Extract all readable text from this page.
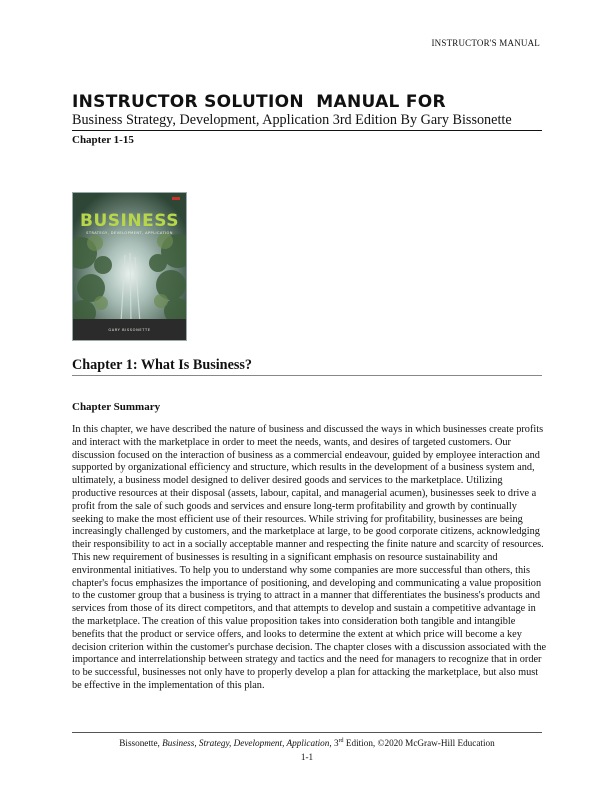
INSTRUCTOR'S MANUAL
INSTRUCTOR SOLUTION  MANUAL FOR
Business Strategy, Development, Application 3rd Edition By Gary Bissonette
Chapter 1-15
BUSINESS
STRATEGY, DEVELOPMENT, APPLICATION
GARY BISSONETTE
Chapter 1: What Is Business?
Chapter Summary

In this chapter, we have described the nature of business and discussed the ways in which businesses create profits and interact with the marketplace in order to meet the needs, wants, and desires of targeted customers. Our discussion focused on the interaction of business as a commercial endeavour, guided by employee interaction and supported by organizational efficiency and structure, which results in the development of a business system and, ultimately, a business model designed to deliver desired goods and services to the marketplace. Utilizing productive resources at their disposal (assets, labour, capital, and managerial acumen), businesses seek to drive a profit from the sale of such goods and services and ensure long-term profitability and growth by continually seeking to make the most efficient use of their resources. While striving for profitability, businesses are being increasingly challenged by customers, and the marketplace at large, to be good corporate citizens, acknowledging their responsibility to act in a socially acceptable manner and respecting the finite nature and scarcity of resources. This new requirement of businesses is resulting in a significant emphasis on resource sustainability and environmental initiatives. To help you to understand why some companies are more successful than others, this chapter's focus emphasizes the importance of positioning, and developing and communicating a value proposition to the customer group that a business is trying to attract in a manner that differentiates the business's products and services from those of its direct competitors, and that attempts to develop and sustain a competitive advantage in the marketplace. The creation of this value proposition takes into consideration both tangible and intangible benefits that the product or service offers, and looks to determine the extent at which price will become a key decision criterion within the customer's purchase decision. The chapter closes with a discussion associated with the importance and interrelationship between strategy and tactics and the need for managers to recognize that in order to be successful, businesses not only have to properly develop a plan for attacking the marketplace, but also must be effective in the implementation of this plan.

Bissonette, Business, Strategy, Development, Application, 3rd Edition, ©2020 McGraw-Hill Education
1-1
